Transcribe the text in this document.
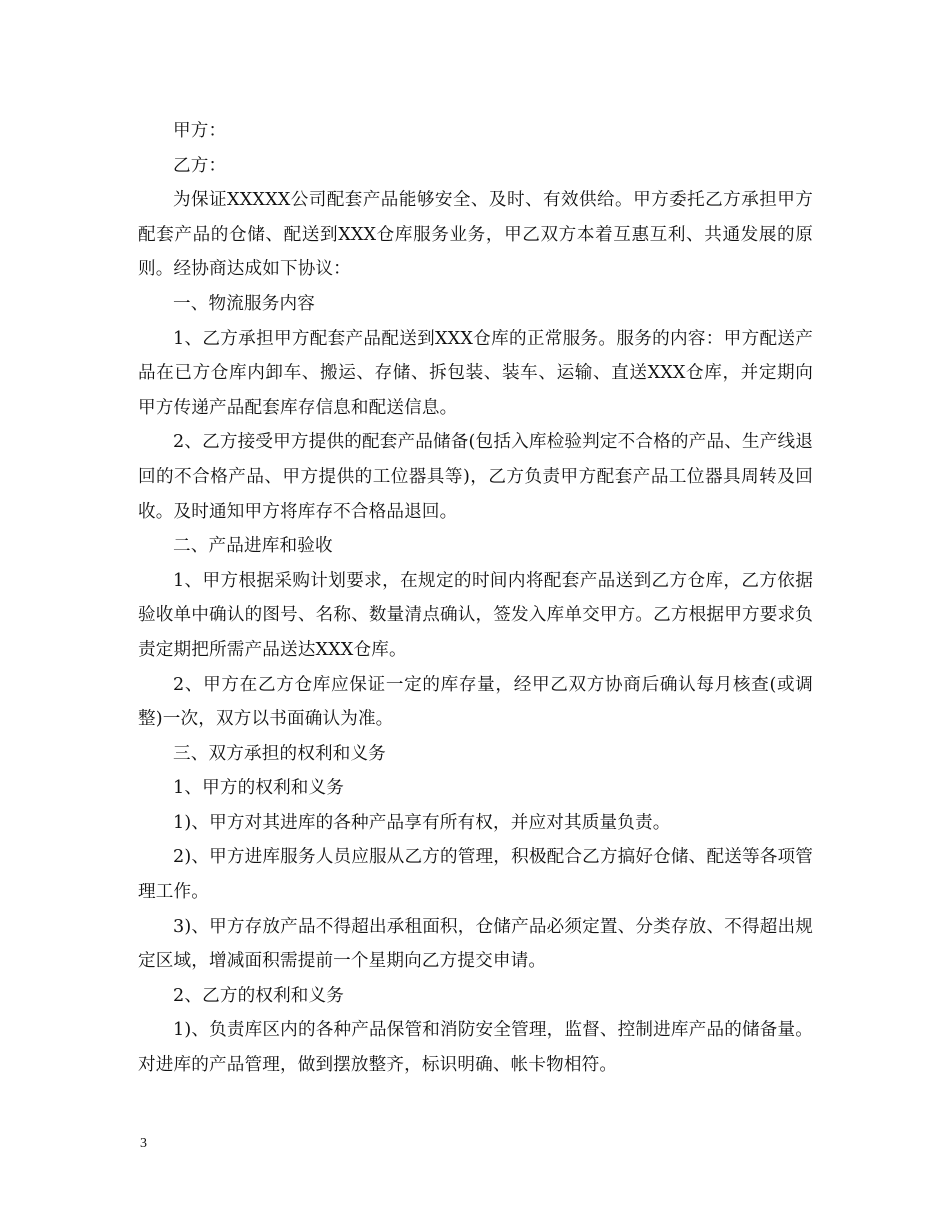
甲方：

乙方：

为保证XXXXX公司配套产品能够安全、及时、有效供给。甲方委托乙方承担甲方配套产品的仓储、配送到XXX仓库服务业务，甲乙双方本着互惠互利、共通发展的原则。经协商达成如下协议：

一、物流服务内容

1、乙方承担甲方配套产品配送到XXX仓库的正常服务。服务的内容：甲方配送产品在已方仓库内卸车、搬运、存储、拆包装、装车、运输、直送XXX仓库，并定期向甲方传递产品配套库存信息和配送信息。

2、乙方接受甲方提供的配套产品储备(包括入库检验判定不合格的产品、生产线退回的不合格产品、甲方提供的工位器具等)，乙方负责甲方配套产品工位器具周转及回收。及时通知甲方将库存不合格品退回。

二、产品进库和验收

1、甲方根据采购计划要求，在规定的时间内将配套产品送到乙方仓库，乙方依据验收单中确认的图号、名称、数量清点确认，签发入库单交甲方。乙方根据甲方要求负责定期把所需产品送达XXX仓库。

2、甲方在乙方仓库应保证一定的库存量，经甲乙双方协商后确认每月核查(或调整)一次，双方以书面确认为准。

三、双方承担的权利和义务

1、甲方的权利和义务

1)、甲方对其进库的各种产品享有所有权，并应对其质量负责。

2)、甲方进库服务人员应服从乙方的管理，积极配合乙方搞好仓储、配送等各项管理工作。

3)、甲方存放产品不得超出承租面积，仓储产品必须定置、分类存放、不得超出规定区域，增减面积需提前一个星期向乙方提交申请。

2、乙方的权利和义务

1)、负责库区内的各种产品保管和消防安全管理，监督、控制进库产品的储备量。对进库的产品管理，做到摆放整齐，标识明确、帐卡物相符。

3
